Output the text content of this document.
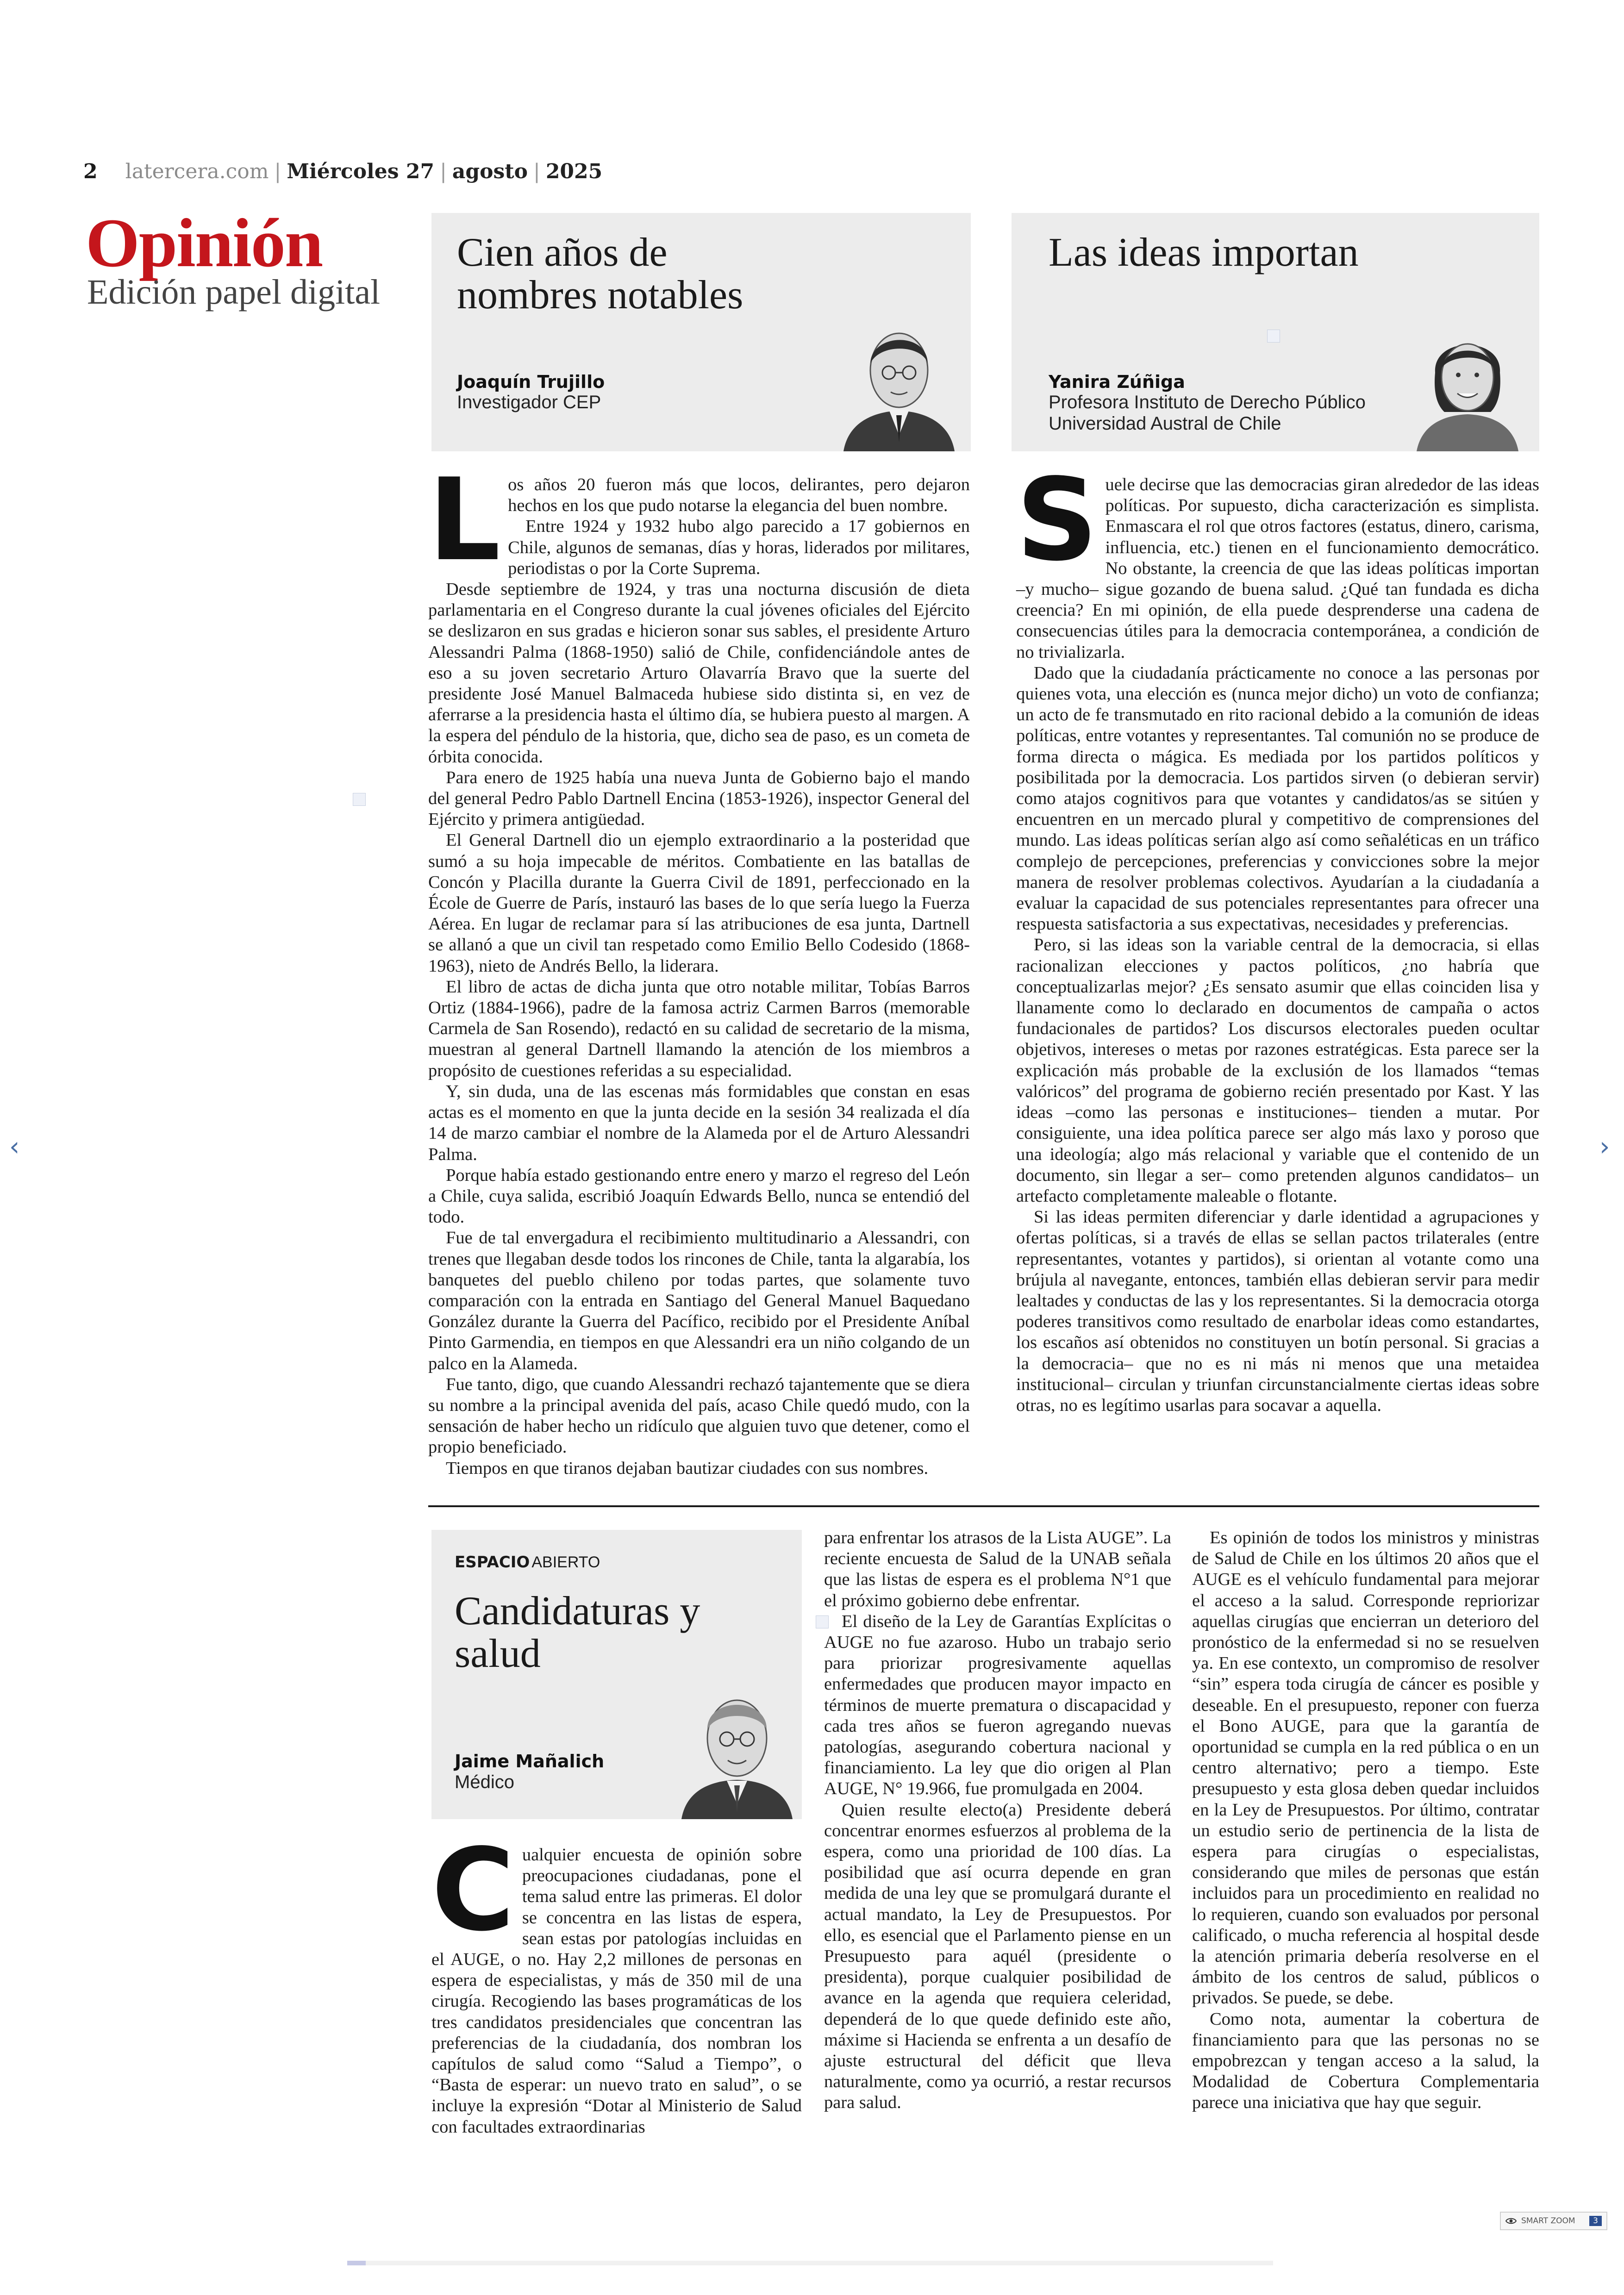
2 latercera.com | Miércoles 27 | agosto | 2025
Opinión
Edición papel digital
Cien años de
nombres notables
Joaquín Trujillo
Investigador CEP
Las ideas importan
Yanira Zúñiga
Profesora Instituto de Derecho Público
Universidad Austral de Chile
L os años 20 fueron más que locos, delirantes, pero dejaron hechos en los que pudo notarse la elegancia del buen nombre.

Entre 1924 y 1932 hubo algo parecido a 17 gobiernos en Chile, algunos de semanas, días y horas, liderados por militares, periodistas o por la Corte Suprema.

Desde septiembre de 1924, y tras una nocturna discusión de dieta parlamentaria en el Congreso durante la cual jóvenes oficiales del Ejército se deslizaron en sus gradas e hicieron sonar sus sables, el presidente Arturo Alessandri Palma (1868-1950) salió de Chile, confidenciándole antes de eso a su joven secretario Arturo Olavarría Bravo que la suerte del presidente José Manuel Balmaceda hubiese sido distinta si, en vez de aferrarse a la presidencia hasta el último día, se hubiera puesto al margen. A la espera del péndulo de la historia, que, dicho sea de paso, es un cometa de órbita conocida.

Para enero de 1925 había una nueva Junta de Gobierno bajo el mando del general Pedro Pablo Dartnell Encina (1853-1926), inspector General del Ejército y primera antigüedad.

El General Dartnell dio un ejemplo extraordinario a la posteridad que sumó a su hoja impecable de méritos. Combatiente en las batallas de Concón y Placilla durante la Guerra Civil de 1891, perfeccionado en la École de Guerre de París, instauró las bases de lo que sería luego la Fuerza Aérea. En lugar de reclamar para sí las atribuciones de esa junta, Dartnell se allanó a que un civil tan respetado como Emilio Bello Codesido (1868-1963), nieto de Andrés Bello, la liderara.

El libro de actas de dicha junta que otro notable militar, Tobías Barros Ortiz (1884-1966), padre de la famosa actriz Carmen Barros (memorable Carmela de San Rosendo), redactó en su calidad de secretario de la misma, muestran al general Dartnell llamando la atención de los miembros a propósito de cuestiones referidas a su especialidad.

Y, sin duda, una de las escenas más formidables que constan en esas actas es el momento en que la junta decide en la sesión 34 realizada el día 14 de marzo cambiar el nombre de la Alameda por el de Arturo Alessandri Palma.

Porque había estado gestionando entre enero y marzo el regreso del León a Chile, cuya salida, escribió Joaquín Edwards Bello, nunca se entendió del todo.

Fue de tal envergadura el recibimiento multitudinario a Alessandri, con trenes que llegaban desde todos los rincones de Chile, tanta la algarabía, los banquetes del pueblo chileno por todas partes, que solamente tuvo comparación con la entrada en Santiago del General Manuel Baquedano González durante la Guerra del Pacífico, recibido por el Presidente Aníbal Pinto Garmendia, en tiempos en que Alessandri era un niño colgando de un palco en la Alameda.

Fue tanto, digo, que cuando Alessandri rechazó tajantemente que se diera su nombre a la principal avenida del país, acaso Chile quedó mudo, con la sensación de haber hecho un ridículo que alguien tuvo que detener, como el propio beneficiado.

Tiempos en que tiranos dejaban bautizar ciudades con sus nombres.

S uele decirse que las democracias giran alrededor de las ideas políticas. Por supuesto, dicha caracterización es simplista. Enmascara el rol que otros factores (estatus, dinero, carisma, influencia, etc.) tienen en el funcionamiento democrático. No obstante, la creencia de que las ideas políticas importan –y mucho– sigue gozando de buena salud. ¿Qué tan fundada es dicha creencia? En mi opinión, de ella puede desprenderse una cadena de consecuencias útiles para la democracia contemporánea, a condición de no trivializarla.

Dado que la ciudadanía prácticamente no conoce a las personas por quienes vota, una elección es (nunca mejor dicho) un voto de confianza; un acto de fe transmutado en rito racional debido a la comunión de ideas políticas, entre votantes y representantes. Tal comunión no se produce de forma directa o mágica. Es mediada por los partidos políticos y posibilitada por la democracia. Los partidos sirven (o debieran servir) como atajos cognitivos para que votantes y candidatos/as se sitúen y encuentren en un mercado plural y competitivo de comprensiones del mundo. Las ideas políticas serían algo así como señaléticas en un tráfico complejo de percepciones, preferencias y convicciones sobre la mejor manera de resolver problemas colectivos. Ayudarían a la ciudadanía a evaluar la capacidad de sus potenciales representantes para ofrecer una respuesta satisfactoria a sus expectativas, necesidades y preferencias.

Pero, si las ideas son la variable central de la democracia, si ellas racionalizan elecciones y pactos políticos, ¿no habría que conceptualizarlas mejor? ¿Es sensato asumir que ellas coinciden lisa y llanamente como lo declarado en documentos de campaña o actos fundacionales de partidos? Los discursos electorales pueden ocultar objetivos, intereses o metas por razones estratégicas. Esta parece ser la explicación más probable de la exclusión de los llamados “temas valóricos” del programa de gobierno recién presentado por Kast. Y las ideas –como las personas e instituciones– tienden a mutar. Por consiguiente, una idea política parece ser algo más laxo y poroso que una ideología; algo más relacional y variable que el contenido de un documento, sin llegar a ser– como pretenden algunos candidatos– un artefacto completamente maleable o flotante.

Si las ideas permiten diferenciar y darle identidad a agrupaciones y ofertas políticas, si a través de ellas se sellan pactos trilaterales (entre representantes, votantes y partidos), si orientan al votante como una brújula al navegante, entonces, también ellas debieran servir para medir lealtades y conductas de las y los representantes. Si la democracia otorga poderes transitivos como resultado de enarbolar ideas como estandartes, los escaños así obtenidos no constituyen un botín personal. Si gracias a la democracia– que no es ni más ni menos que una metaidea institucional– circulan y triunfan circunstancialmente ciertas ideas sobre otras, no es legítimo usarlas para socavar a aquella.

ESPACIO ABIERTO
Candidaturas y
salud
Jaime Mañalich
Médico
C ualquier encuesta de opinión sobre preocupaciones ciudadanas, pone el tema salud entre las primeras. El dolor se concentra en las listas de espera, sean estas por patologías incluidas en el AUGE, o no. Hay 2,2 millones de personas en espera de especialistas, y más de 350 mil de una cirugía. Recogiendo las bases programáticas de los tres candidatos presidenciales que concentran las preferencias de la ciudadanía, dos nombran los capítulos de salud como “Salud a Tiempo”, o “Basta de esperar: un nuevo trato en salud”, o se incluye la expresión “Dotar al Ministerio de Salud con facultades extraordinarias

para enfrentar los atrasos de la Lista AUGE”. La reciente encuesta de Salud de la UNAB señala que las listas de espera es el problema N°1 que el próximo gobierno debe enfrentar.

El diseño de la Ley de Garantías Explícitas o AUGE no fue azaroso. Hubo un trabajo serio para priorizar progresivamente aquellas enfermedades que producen mayor impacto en términos de muerte prematura o discapacidad y cada tres años se fueron agregando nuevas patologías, asegurando cobertura nacional y financiamiento. La ley que dio origen al Plan AUGE, N° 19.966, fue promulgada en 2004.

Quien resulte electo(a) Presidente deberá concentrar enormes esfuerzos al problema de la espera, como una prioridad de 100 días. La posibilidad que así ocurra depende en gran medida de una ley que se promulgará durante el actual mandato, la Ley de Presupuestos. Por ello, es esencial que el Parlamento piense en un Presupuesto para aquél (presidente o presidenta), porque cualquier posibilidad de avance en la agenda que requiera celeridad, dependerá de lo que quede definido este año, máxime si Hacienda se enfrenta a un desafío de ajuste estructural del déficit que lleva naturalmente, como ya ocurrió, a restar recursos para salud.

Es opinión de todos los ministros y ministras de Salud de Chile en los últimos 20 años que el AUGE es el vehículo fundamental para mejorar el acceso a la salud. Corresponde repriorizar aquellas cirugías que encierran un deterioro del pronóstico de la enfermedad si no se resuelven ya. En ese contexto, un compromiso de resolver “sin” espera toda cirugía de cáncer es posible y deseable. En el presupuesto, reponer con fuerza el Bono AUGE, para que la garantía de oportunidad se cumpla en la red pública o en un centro alternativo; pero a tiempo. Este presupuesto y esta glosa deben quedar incluidos en la Ley de Presupuestos. Por último, contratar un estudio serio de pertinencia de la lista de espera para cirugías o especialistas, considerando que miles de personas que están incluidos para un procedimiento en realidad no lo requieren, cuando son evaluados por personal calificado, o mucha referencia al hospital desde la atención primaria debería resolverse en el ámbito de los centros de salud, públicos o privados. Se puede, se debe.

Como nota, aumentar la cobertura de financiamiento para que las personas no se empobrezcan y tengan acceso a la salud, la Modalidad de Cobertura Complementaria parece una iniciativa que hay que seguir.

‹	›
SMART ZOOM	3
